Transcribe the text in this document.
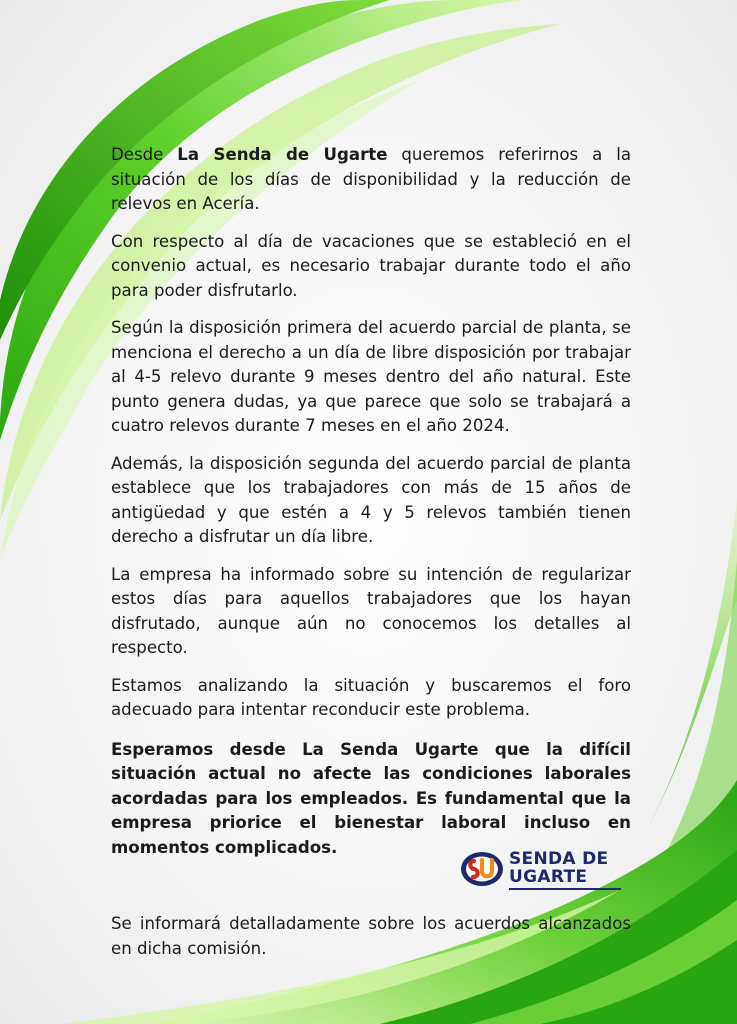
Desde La Senda de Ugarte queremos referirnos a la situación de los días de disponibilidad y la reducción de relevos en Acería.

Con respecto al día de vacaciones que se estableció en el convenio actual, es necesario trabajar durante todo el año para poder disfrutarlo.

Según la disposición primera del acuerdo parcial de planta, se menciona el derecho a un día de libre disposición por trabajar al 4-5 relevo durante 9 meses dentro del año natural. Este punto genera dudas, ya que parece que solo se trabajará a cuatro relevos durante 7 meses en el año 2024.

Además, la disposición segunda del acuerdo parcial de planta establece que los trabajadores con más de 15 años de antigüedad y que estén a 4 y 5 relevos también tienen derecho a disfrutar un día libre.

La empresa ha informado sobre su intención de regularizar estos días para aquellos trabajadores que los hayan disfrutado, aunque aún no conocemos los detalles al respecto.

Estamos analizando la situación y buscaremos el foro adecuado para intentar reconducir este problema.

Esperamos desde La Senda Ugarte que la difícil situación actual no afecte las condiciones laborales acordadas para los empleados. Es fundamental que la empresa priorice el bienestar laboral incluso en momentos complicados.

Se informará detalladamente sobre los acuerdos alcanzados en dicha comisión.

SENDA DE
UGARTE
